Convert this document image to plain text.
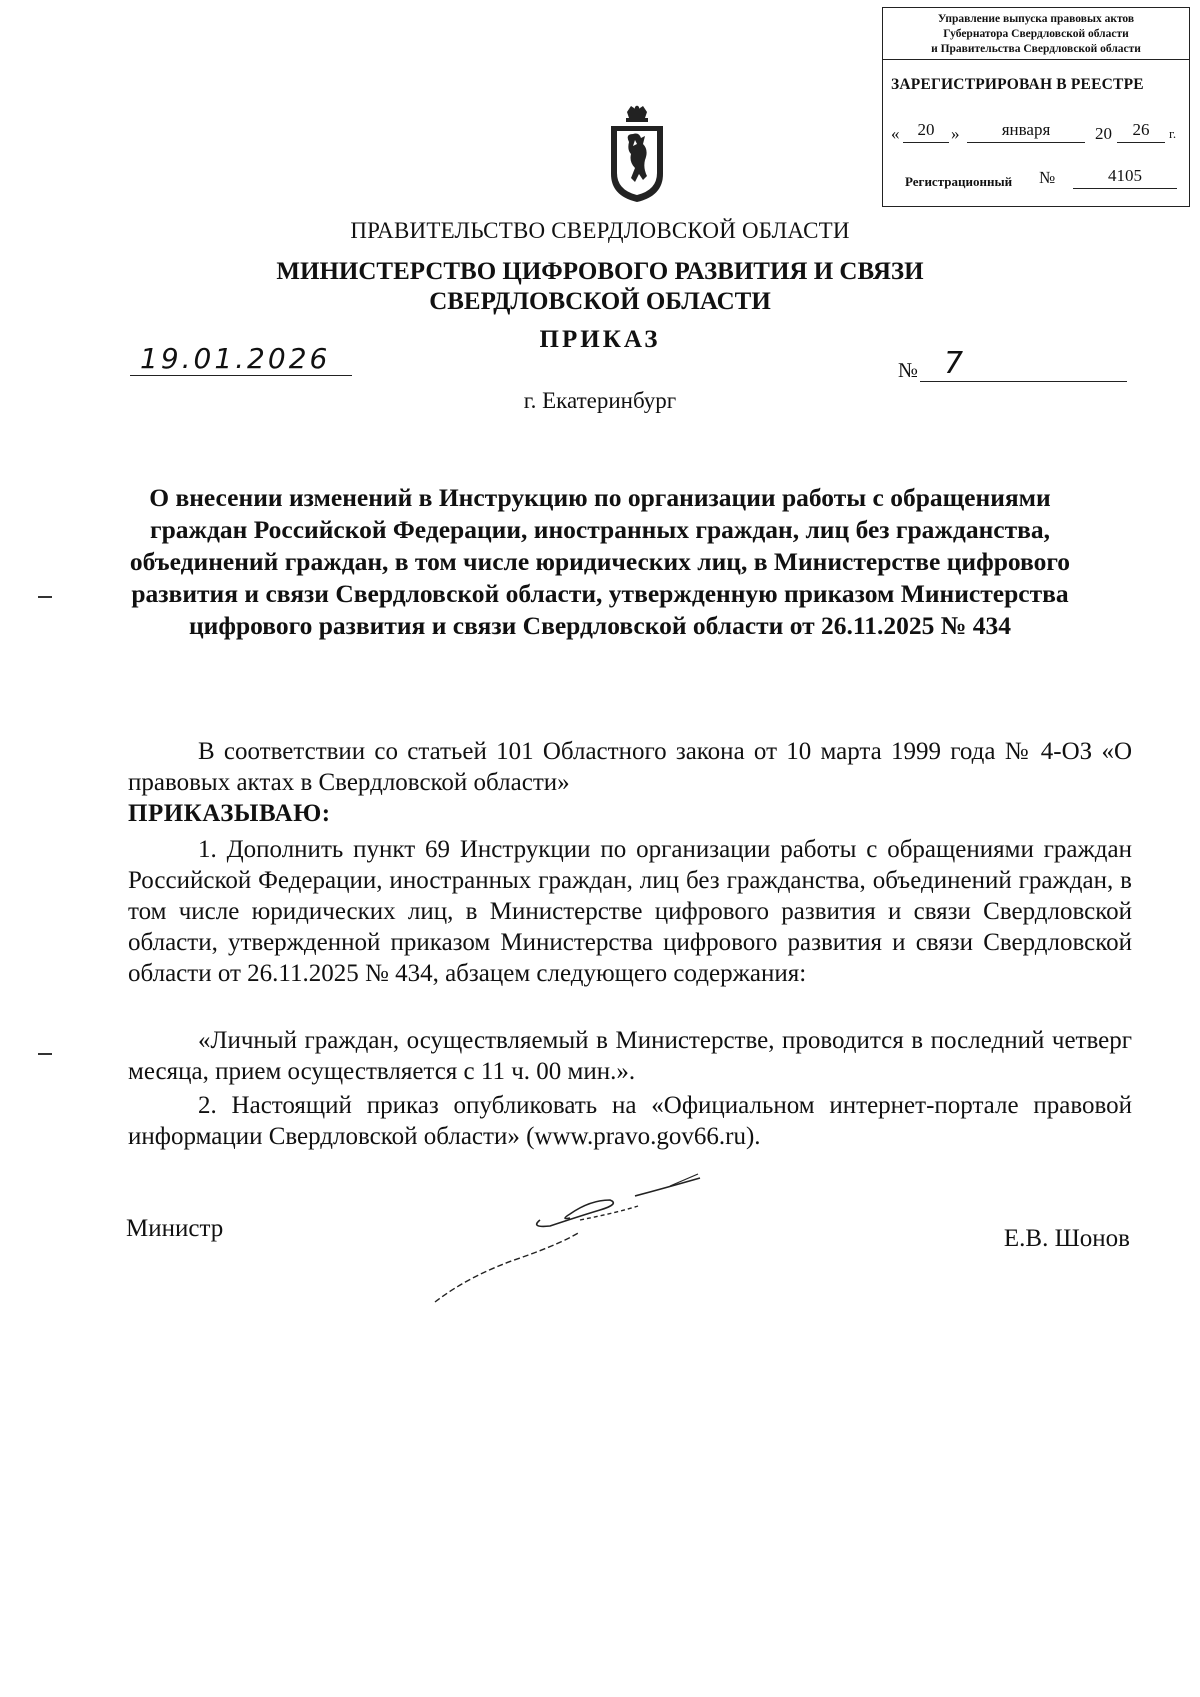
Управление выпуска правовых актов
Губернатора Свердловской области
и Правительства Свердловской области
ЗАРЕГИСТРИРОВАН В РЕЕСТРЕ
«	20 »	января	20	26	г.
Регистрационный №	4105
ПРАВИТЕЛЬСТВО СВЕРДЛОВСКОЙ ОБЛАСТИ
МИНИСТЕРСТВО ЦИФРОВОГО РАЗВИТИЯ И СВЯЗИ
СВЕРДЛОВСКОЙ ОБЛАСТИ
ПРИКАЗ
19.01.2026	№ 7
г. Екатеринбург
О внесении изменений в Инструкцию по организации работы с обращениями граждан Российской Федерации, иностранных граждан, лиц без гражданства, объединений граждан, в том числе юридических лиц, в Министерстве цифрового развития и связи Свердловской области, утвержденную приказом Министерства цифрового развития и связи Свердловской области от 26.11.2025 № 434
В соответствии со статьей 101 Областного закона от 10 марта 1999 года № 4-ОЗ «О правовых актах в Свердловской области»
ПРИКАЗЫВАЮ:
1. Дополнить пункт 69 Инструкции по организации работы с обращениями граждан Российской Федерации, иностранных граждан, лиц без гражданства, объединений граждан, в том числе юридических лиц, в Министерстве цифрового развития и связи Свердловской области, утвержденной приказом Министерства цифрового развития и связи Свердловской области от 26.11.2025 № 434, абзацем следующего содержания:
«Личный граждан, осуществляемый в Министерстве, проводится в последний четверг месяца, прием осуществляется с 11 ч. 00 мин.».
2. Настоящий приказ опубликовать на «Официальном интернет-портале правовой информации Свердловской области» (www.pravo.gov66.ru).
Министр	Е.В. Шонов
